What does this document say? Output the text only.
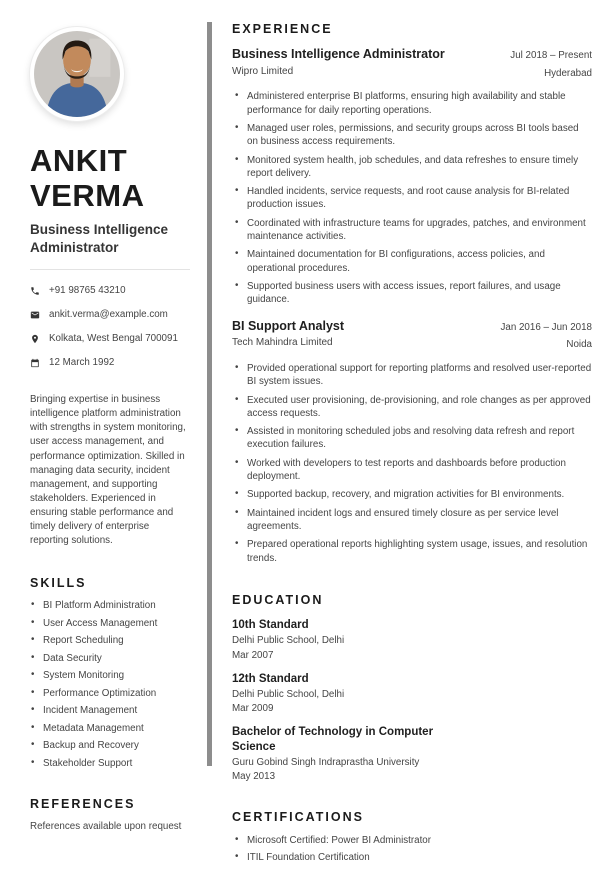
ANKIT
VERMA
Business Intelligence Administrator
+91 98765 43210
ankit.verma@example.com
Kolkata, West Bengal 700091
12 March 1992

Bringing expertise in business intelligence platform administration with strengths in system monitoring, user access management, and performance optimization. Skilled in managing data security, incident management, and supporting stakeholders. Experienced in ensuring stable performance and timely delivery of enterprise reporting solutions.

SKILLS
• BI Platform Administration
• User Access Management
• Report Scheduling
• Data Security
• System Monitoring
• Performance Optimization
• Incident Management
• Metadata Management
• Backup and Recovery
• Stakeholder Support
REFERENCES

References available upon request

EXPERIENCE
Business Intelligence Administrator
Wipro Limited
Jul 2018 – Present
Hyderabad
• Administered enterprise BI platforms, ensuring high availability and stable performance for daily reporting operations.
• Managed user roles, permissions, and security groups across BI tools based on business access requirements.
• Monitored system health, job schedules, and data refreshes to ensure timely report delivery.
• Handled incidents, service requests, and root cause analysis for BI-related production issues.
• Coordinated with infrastructure teams for upgrades, patches, and environment maintenance activities.
• Maintained documentation for BI configurations, access policies, and operational procedures.
• Supported business users with access issues, report failures, and usage guidance.
BI Support Analyst
Tech Mahindra Limited
Jan 2016 – Jun 2018
Noida
• Provided operational support for reporting platforms and resolved user-reported BI system issues.
• Executed user provisioning, de-provisioning, and role changes as per approved access requests.
• Assisted in monitoring scheduled jobs and resolving data refresh and report execution failures.
• Worked with developers to test reports and dashboards before production deployment.
• Supported backup, recovery, and migration activities for BI environments.
• Maintained incident logs and ensured timely closure as per service level agreements.
• Prepared operational reports highlighting system usage, issues, and resolution trends.
EDUCATION
10th Standard
Delhi Public School, Delhi
Mar 2007
12th Standard
Delhi Public School, Delhi
Mar 2009
Bachelor of Technology in Computer Science
Guru Gobind Singh Indraprastha University
May 2013
CERTIFICATIONS
• Microsoft Certified: Power BI Administrator
• ITIL Foundation Certification
